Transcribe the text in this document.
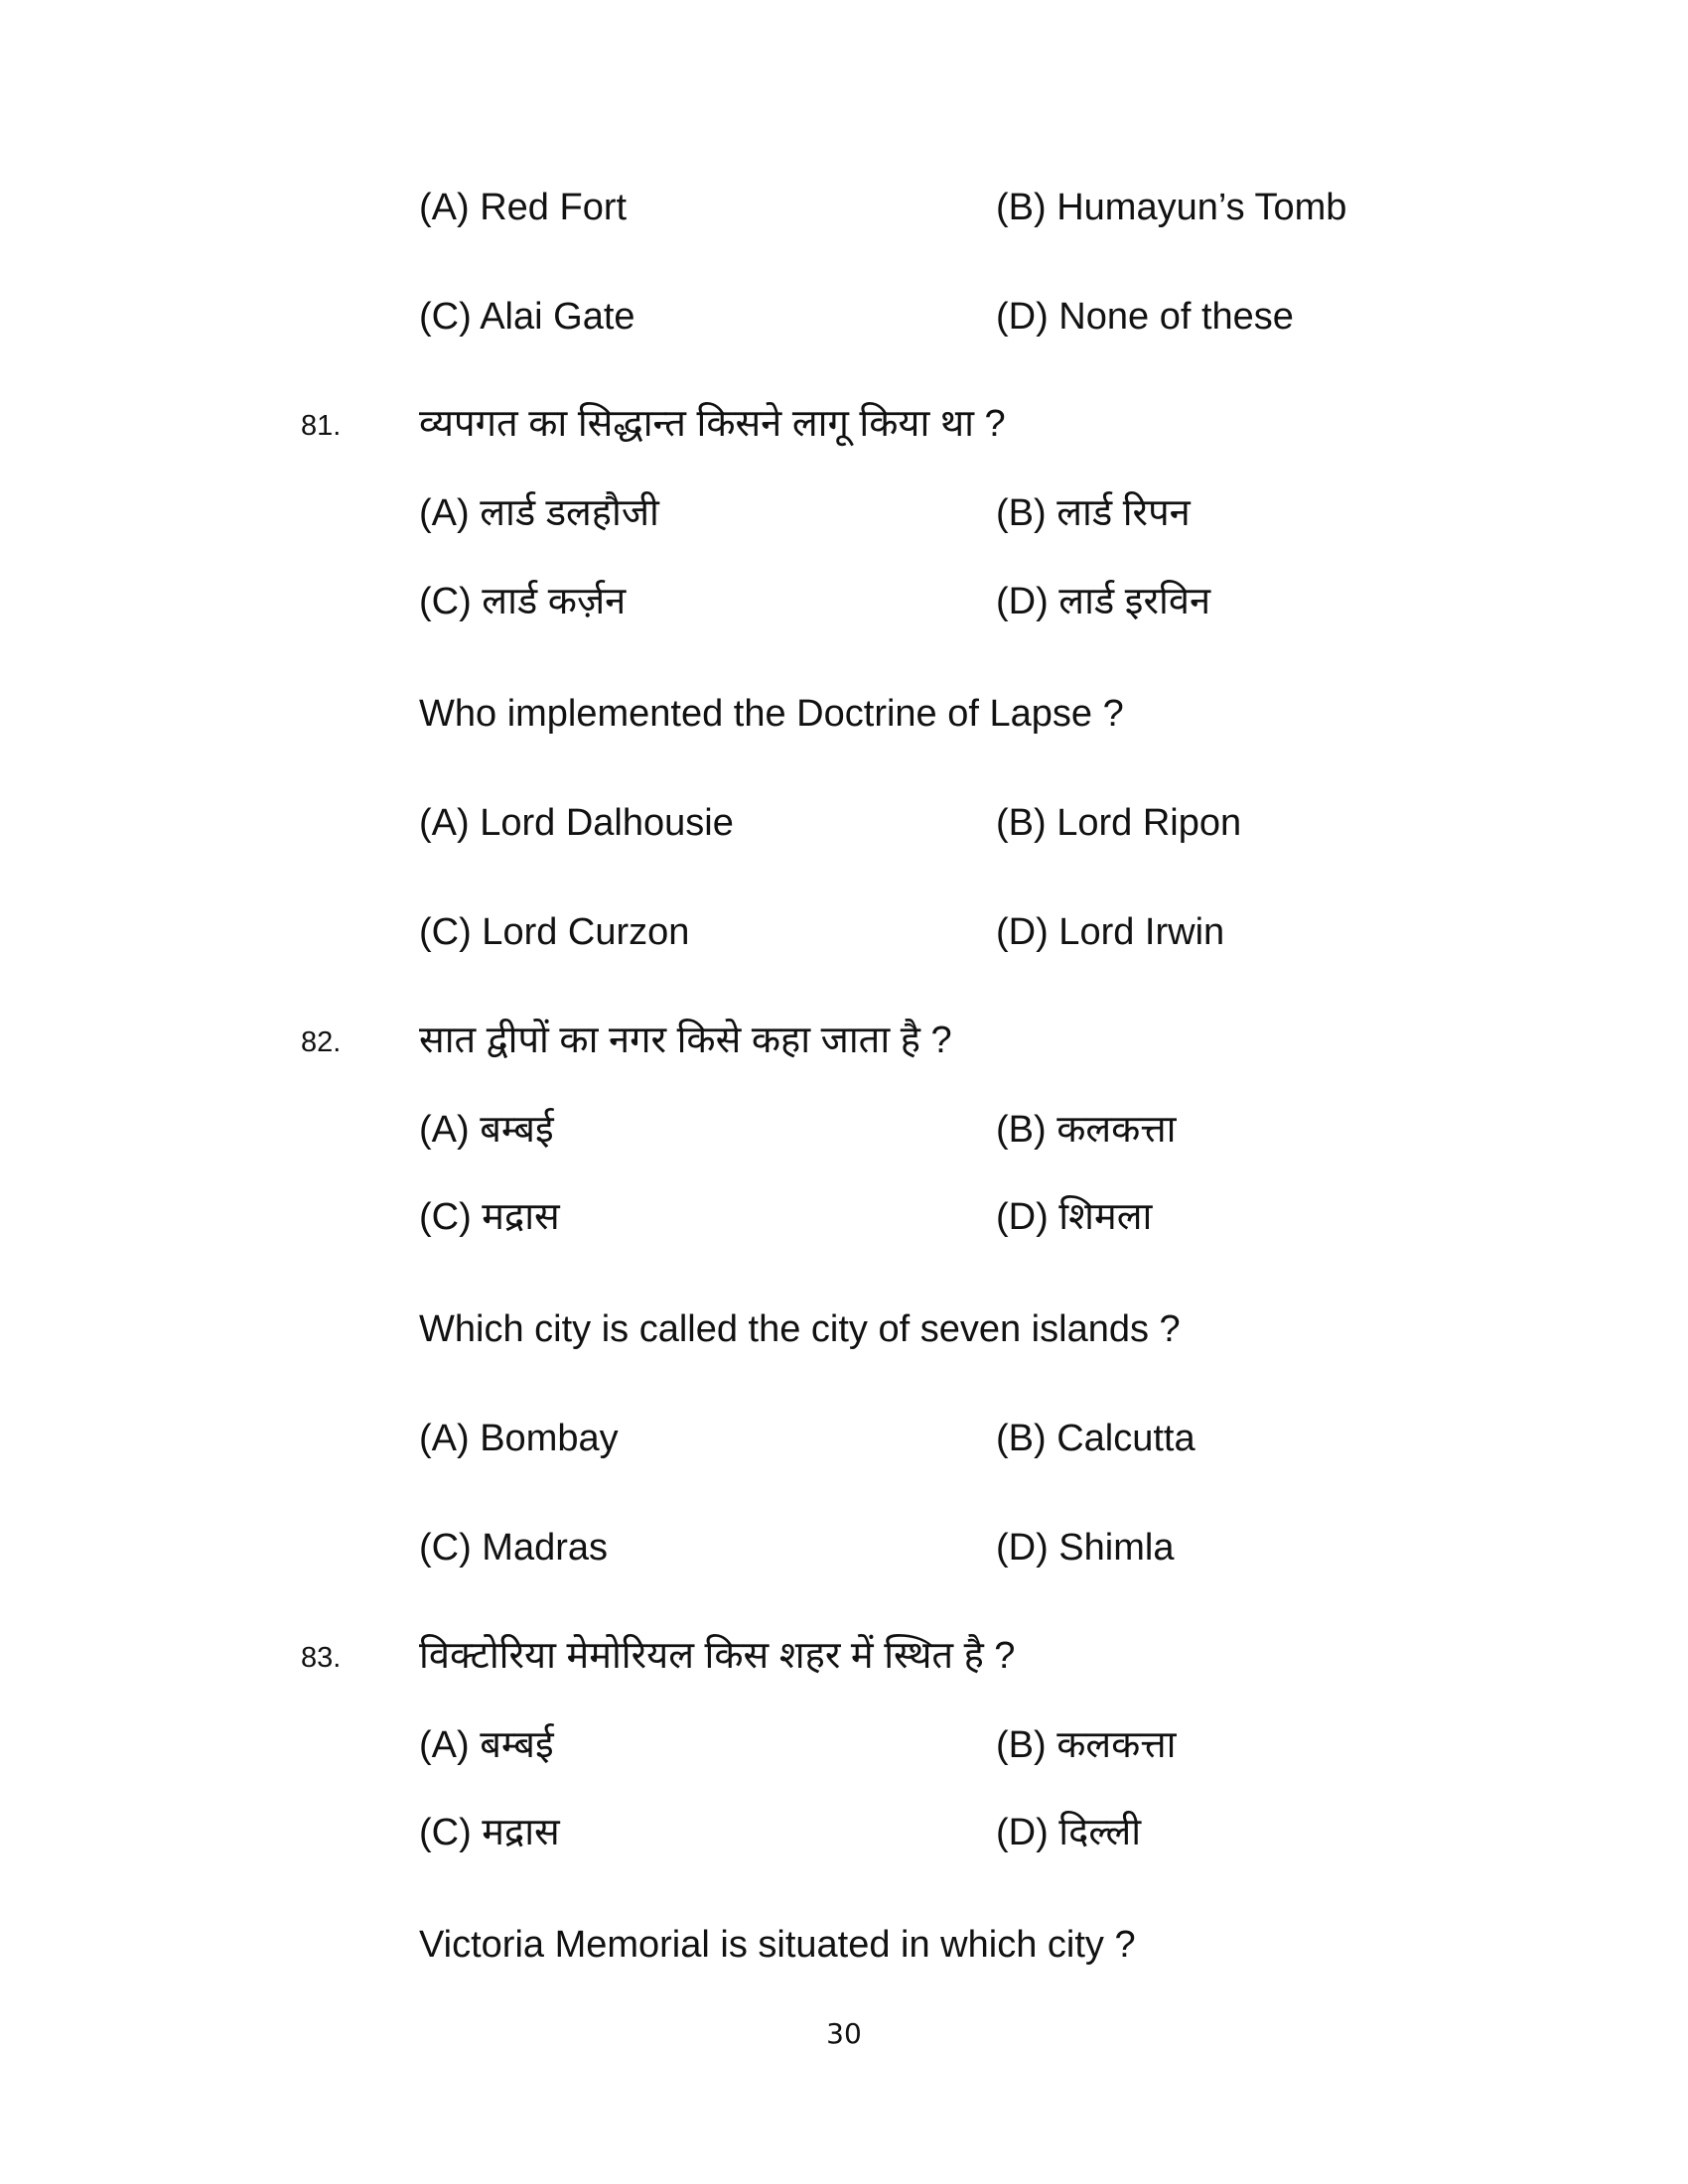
(A) Red Fort	(B) Humayun’s Tomb
(C) Alai Gate	(D) None of these
81. व्यपगत का सिद्धान्त किसने लागू किया था ?
(A) लार्ड डलहौजी	(B) लार्ड रिपन
(C) लार्ड कर्ज़न	(D) लार्ड इरविन
Who implemented the Doctrine of Lapse ?
(A) Lord Dalhousie	(B) Lord Ripon
(C) Lord Curzon	(D) Lord Irwin
82. सात द्वीपों का नगर किसे कहा जाता है ?
(A) बम्बई	(B) कलकत्ता
(C) मद्रास	(D) शिमला
Which city is called the city of seven islands ?
(A) Bombay	(B) Calcutta
(C) Madras	(D) Shimla
83. विक्टोरिया मेमोरियल किस शहर में स्थित है ?
(A) बम्बई	(B) कलकत्ता
(C) मद्रास	(D) दिल्ली
Victoria Memorial is situated in which city ?
30
